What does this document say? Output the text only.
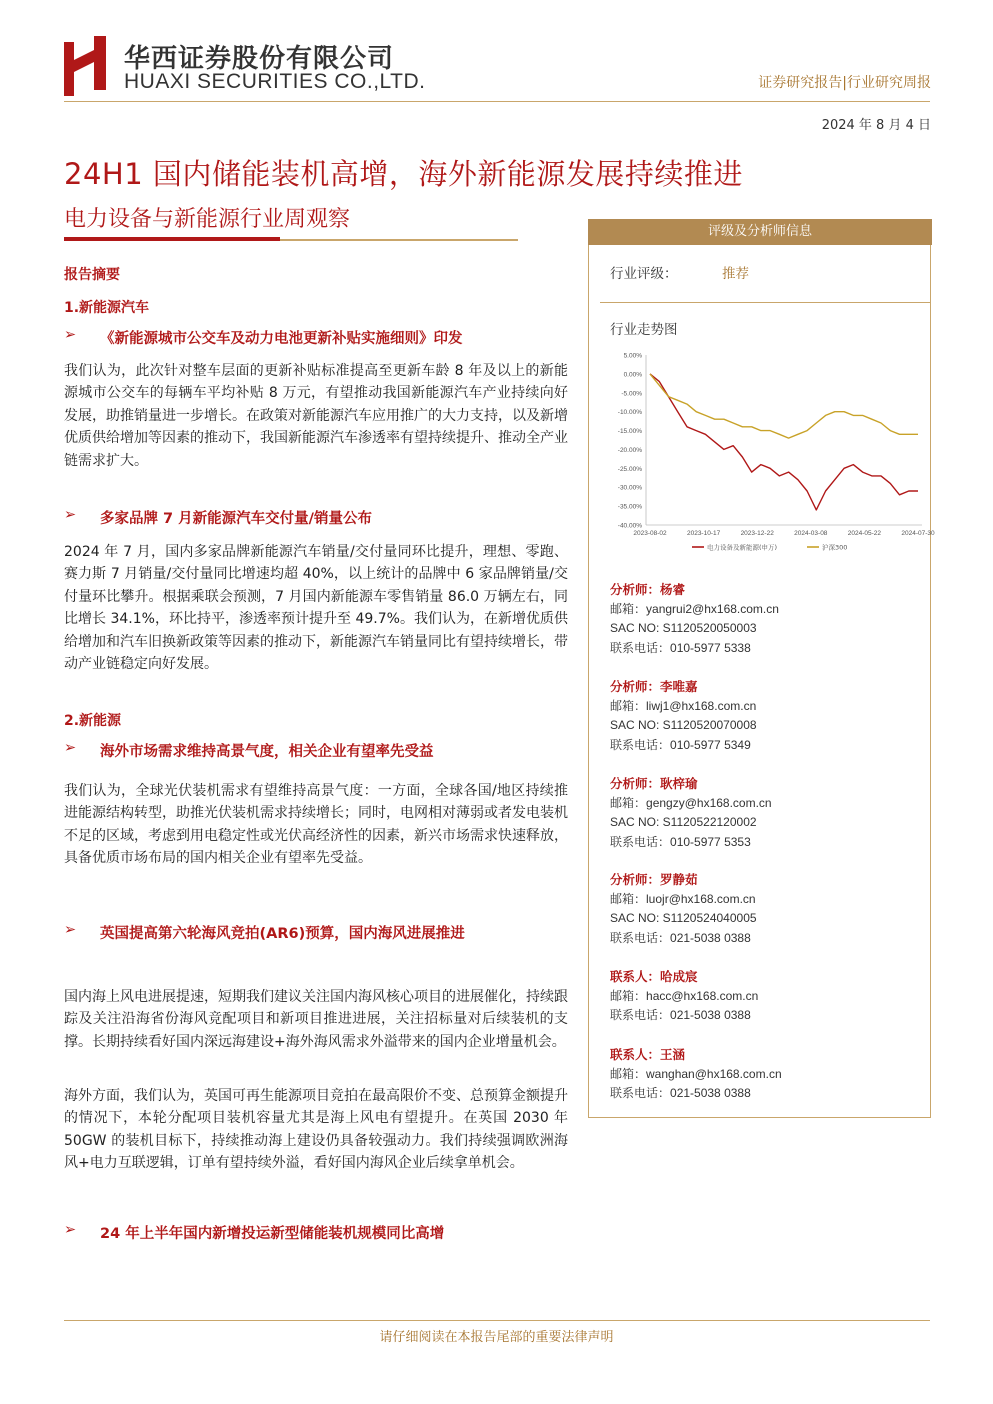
华西证券股份有限公司
HUAXI SECURITIES CO.,LTD.	证券研究报告|行业研究周报
2024 年 8 月 4 日
24H1 国内储能装机高增，海外新能源发展持续推进
电力设备与新能源行业周观察
报告摘要
1.新能源汽车
➢ 《新能源城市公交车及动力电池更新补贴实施细则》印发
我们认为，此次针对整车层面的更新补贴标准提高至更新车龄 8 年及以上的新能源城市公交车的每辆车平均补贴 8 万元，有望推动我国新能源汽车产业持续向好发展，助推销量进一步增长。在政策对新能源汽车应用推广的大力支持，以及新增优质供给增加等因素的推动下，我国新能源汽车渗透率有望持续提升、推动全产业链需求扩大。
➢ 多家品牌 7 月新能源汽车交付量/销量公布
2024 年 7 月，国内多家品牌新能源汽车销量/交付量同环比提升，理想、零跑、赛力斯 7 月销量/交付量同比增速均超 40%，以上统计的品牌中 6 家品牌销量/交付量环比攀升。根据乘联会预测，7 月国内新能源车零售销量 86.0 万辆左右，同比增长 34.1%，环比持平，渗透率预计提升至 49.7%。我们认为，在新增优质供给增加和汽车旧换新政策等因素的推动下，新能源汽车销量同比有望持续增长，带动产业链稳定向好发展。
2.新能源
➢ 海外市场需求维持高景气度，相关企业有望率先受益
我们认为，全球光伏装机需求有望维持高景气度：一方面，全球各国/地区持续推进能源结构转型，助推光伏装机需求持续增长；同时，电网相对薄弱或者发电装机不足的区域，考虑到用电稳定性或光伏高经济性的因素，新兴市场需求快速释放，具备优质市场布局的国内相关企业有望率先受益。
➢ 英国提高第六轮海风竞拍(AR6)预算，国内海风进展推进
国内海上风电进展提速，短期我们建议关注国内海风核心项目的进展催化，持续跟踪及关注沿海省份海风竞配项目和新项目推进进展，关注招标量对后续装机的支撑。长期持续看好国内深远海建设+海外海风需求外溢带来的国内企业增量机会。
海外方面，我们认为，英国可再生能源项目竞拍在最高限价不变、总预算金额提升的情况下，本轮分配项目装机容量尤其是海上风电有望提升。在英国 2030 年 50GW 的装机目标下，持续推动海上建设仍具备较强动力。我们持续强调欧洲海风+电力互联逻辑，订单有望持续外溢，看好国内海风企业后续拿单机会。
➢ 24 年上半年国内新增投运新型储能装机规模同比高增
评级及分析师信息
行业评级：	推荐
行业走势图
5.00%
0.00%
-5.00%
-10.00%
-15.00%
-20.00%
-25.00%
-30.00%
-35.00%
-40.00%
2023-08-02	2023-10-17	2023-12-22	2024-03-08	2024-05-22	2024-07-30
电力设备及新能源(申万)	沪深300
分析师：杨睿
邮箱：yangrui2@hx168.com.cn
SAC NO: S1120520050003
联系电话：010-5977 5338
分析师：李唯嘉
邮箱：liwj1@hx168.com.cn
SAC NO: S1120520070008
联系电话：010-5977 5349
分析师：耿梓瑜
邮箱：gengzy@hx168.com.cn
SAC NO: S1120522120002
联系电话：010-5977 5353
分析师：罗静茹
邮箱：luojr@hx168.com.cn
SAC NO: S1120524040005
联系电话：021-5038 0388
联系人：哈成宸
邮箱：hacc@hx168.com.cn
联系电话：021-5038 0388
联系人：王涵
邮箱：wanghan@hx168.com.cn
联系电话：021-5038 0388
请仔细阅读在本报告尾部的重要法律声明
